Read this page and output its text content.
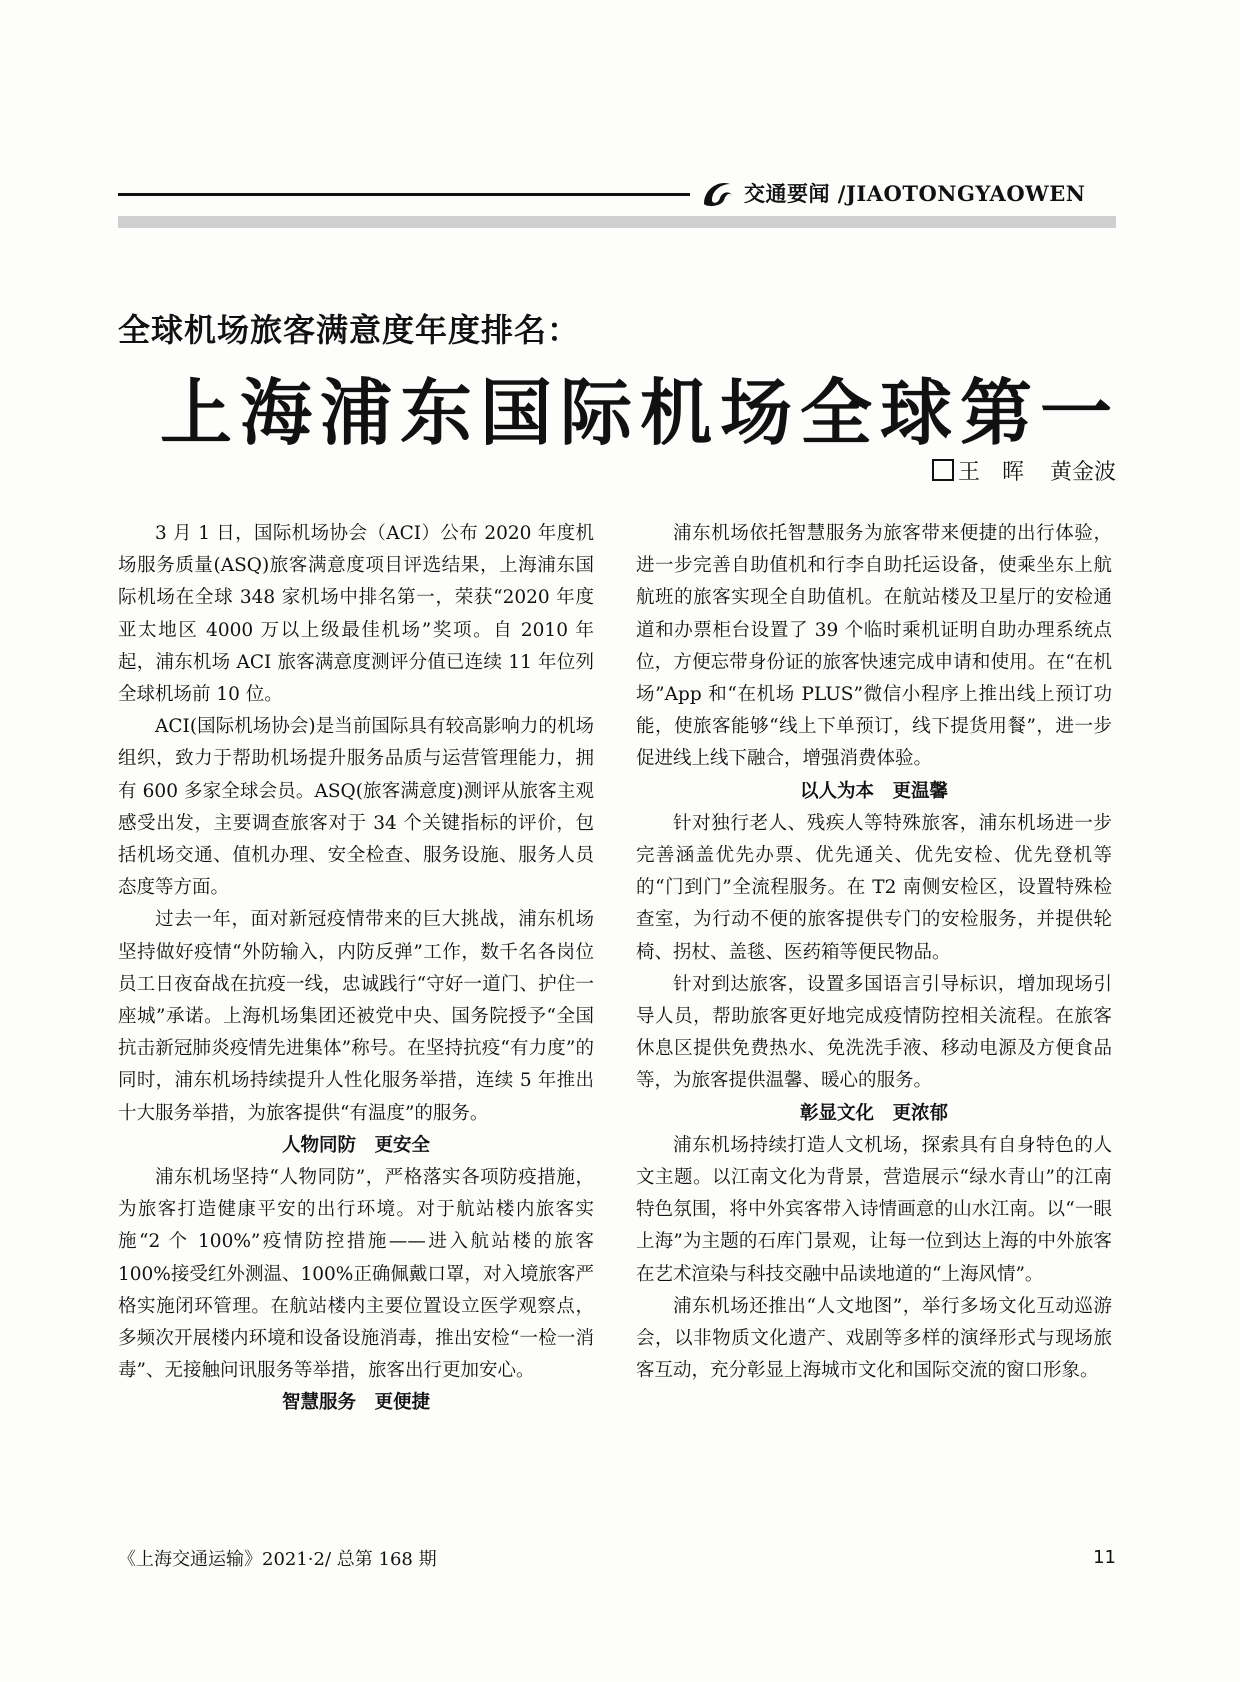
交通要闻 /JIAOTONGYAOWEN
全球机场旅客满意度年度排名：
上海浦东国际机场全球第一
王　晖 黄金波

3 月 1 日，国际机场协会（ACI）公布 2020 年度机场服务质量(ASQ)旅客满意度项目评选结果，上海浦东国际机场在全球 348 家机场中排名第一，荣获“2020 年度亚太地区 4000 万以上级最佳机场”奖项。自 2010 年起，浦东机场 ACI 旅客满意度测评分值已连续 11 年位列全球机场前 10 位。

ACI(国际机场协会)是当前国际具有较高影响力的机场组织，致力于帮助机场提升服务品质与运营管理能力，拥有 600 多家全球会员。ASQ(旅客满意度)测评从旅客主观感受出发，主要调查旅客对于 34 个关键指标的评价，包括机场交通、值机办理、安全检查、服务设施、服务人员态度等方面。

过去一年，面对新冠疫情带来的巨大挑战，浦东机场坚持做好疫情“外防输入，内防反弹”工作，数千名各岗位员工日夜奋战在抗疫一线，忠诚践行“守好一道门、护住一座城”承诺。上海机场集团还被党中央、国务院授予“全国抗击新冠肺炎疫情先进集体”称号。在坚持抗疫“有力度”的同时，浦东机场持续提升人性化服务举措，连续 5 年推出十大服务举措，为旅客提供“有温度”的服务。

人物同防　更安全

浦东机场坚持“人物同防”，严格落实各项防疫措施，为旅客打造健康平安的出行环境。对于航站楼内旅客实施“2 个 100%”疫情防控措施——进入航站楼的旅客 100%接受红外测温、100%正确佩戴口罩，对入境旅客严格实施闭环管理。在航站楼内主要位置设立医学观察点，多频次开展楼内环境和设备设施消毒，推出安检“一检一消毒”、无接触问讯服务等举措，旅客出行更加安心。

智慧服务　更便捷

浦东机场依托智慧服务为旅客带来便捷的出行体验，进一步完善自助值机和行李自助托运设备，使乘坐东上航航班的旅客实现全自助值机。在航站楼及卫星厅的安检通道和办票柜台设置了 39 个临时乘机证明自助办理系统点位，方便忘带身份证的旅客快速完成申请和使用。在“在机场”App 和“在机场 PLUS”微信小程序上推出线上预订功能，使旅客能够“线上下单预订，线下提货用餐”，进一步促进线上线下融合，增强消费体验。

以人为本　更温馨

针对独行老人、残疾人等特殊旅客，浦东机场进一步完善涵盖优先办票、优先通关、优先安检、优先登机等的“门到门”全流程服务。在 T2 南侧安检区，设置特殊检查室，为行动不便的旅客提供专门的安检服务，并提供轮椅、拐杖、盖毯、医药箱等便民物品。

针对到达旅客，设置多国语言引导标识，增加现场引导人员，帮助旅客更好地完成疫情防控相关流程。在旅客休息区提供免费热水、免洗洗手液、移动电源及方便食品等，为旅客提供温馨、暖心的服务。

彰显文化　更浓郁

浦东机场持续打造人文机场，探索具有自身特色的人文主题。以江南文化为背景，营造展示“绿水青山”的江南特色氛围，将中外宾客带入诗情画意的山水江南。以“一眼上海”为主题的石库门景观，让每一位到达上海的中外旅客在艺术渲染与科技交融中品读地道的“上海风情”。

浦东机场还推出“人文地图”，举行多场文化互动巡游会，以非物质文化遗产、戏剧等多样的演绎形式与现场旅客互动，充分彰显上海城市文化和国际交流的窗口形象。

《上海交通运输》2021·2/ 总第 168 期	11
